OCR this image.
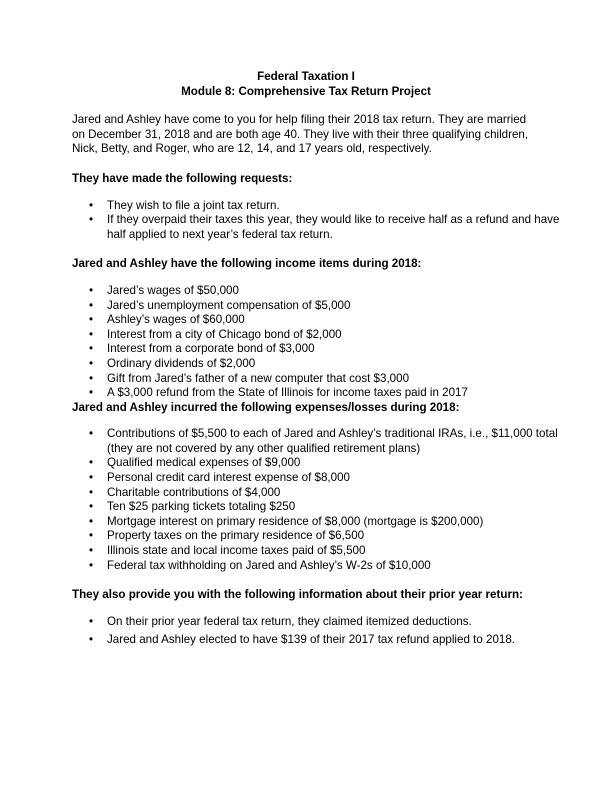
Federal Taxation I
Module 8: Comprehensive Tax Return Project
Jared and Ashley have come to you for help filing their 2018 tax return. They are married on December 31, 2018 and are both age 40. They live with their three qualifying children, Nick, Betty, and Roger, who are 12, 14, and 17 years old, respectively.
They have made the following requests:
• They wish to file a joint tax return.
• If they overpaid their taxes this year, they would like to receive half as a refund and have half applied to next year’s federal tax return.
Jared and Ashley have the following income items during 2018:
• Jared’s wages of $50,000
• Jared’s unemployment compensation of $5,000
• Ashley’s wages of $60,000
• Interest from a city of Chicago bond of $2,000
• Interest from a corporate bond of $3,000
• Ordinary dividends of $2,000
• Gift from Jared’s father of a new computer that cost $3,000
• A $3,000 refund from the State of Illinois for income taxes paid in 2017
Jared and Ashley incurred the following expenses/losses during 2018:
• Contributions of $5,500 to each of Jared and Ashley’s traditional IRAs, i.e., $11,000 total (they are not covered by any other qualified retirement plans)
• Qualified medical expenses of $9,000
• Personal credit card interest expense of $8,000
• Charitable contributions of $4,000
• Ten $25 parking tickets totaling $250
• Mortgage interest on primary residence of $8,000 (mortgage is $200,000)
• Property taxes on the primary residence of $6,500
• Illinois state and local income taxes paid of $5,500
• Federal tax withholding on Jared and Ashley’s W-2s of $10,000
They also provide you with the following information about their prior year return:
• On their prior year federal tax return, they claimed itemized deductions.
• Jared and Ashley elected to have $139 of their 2017 tax refund applied to 2018.
